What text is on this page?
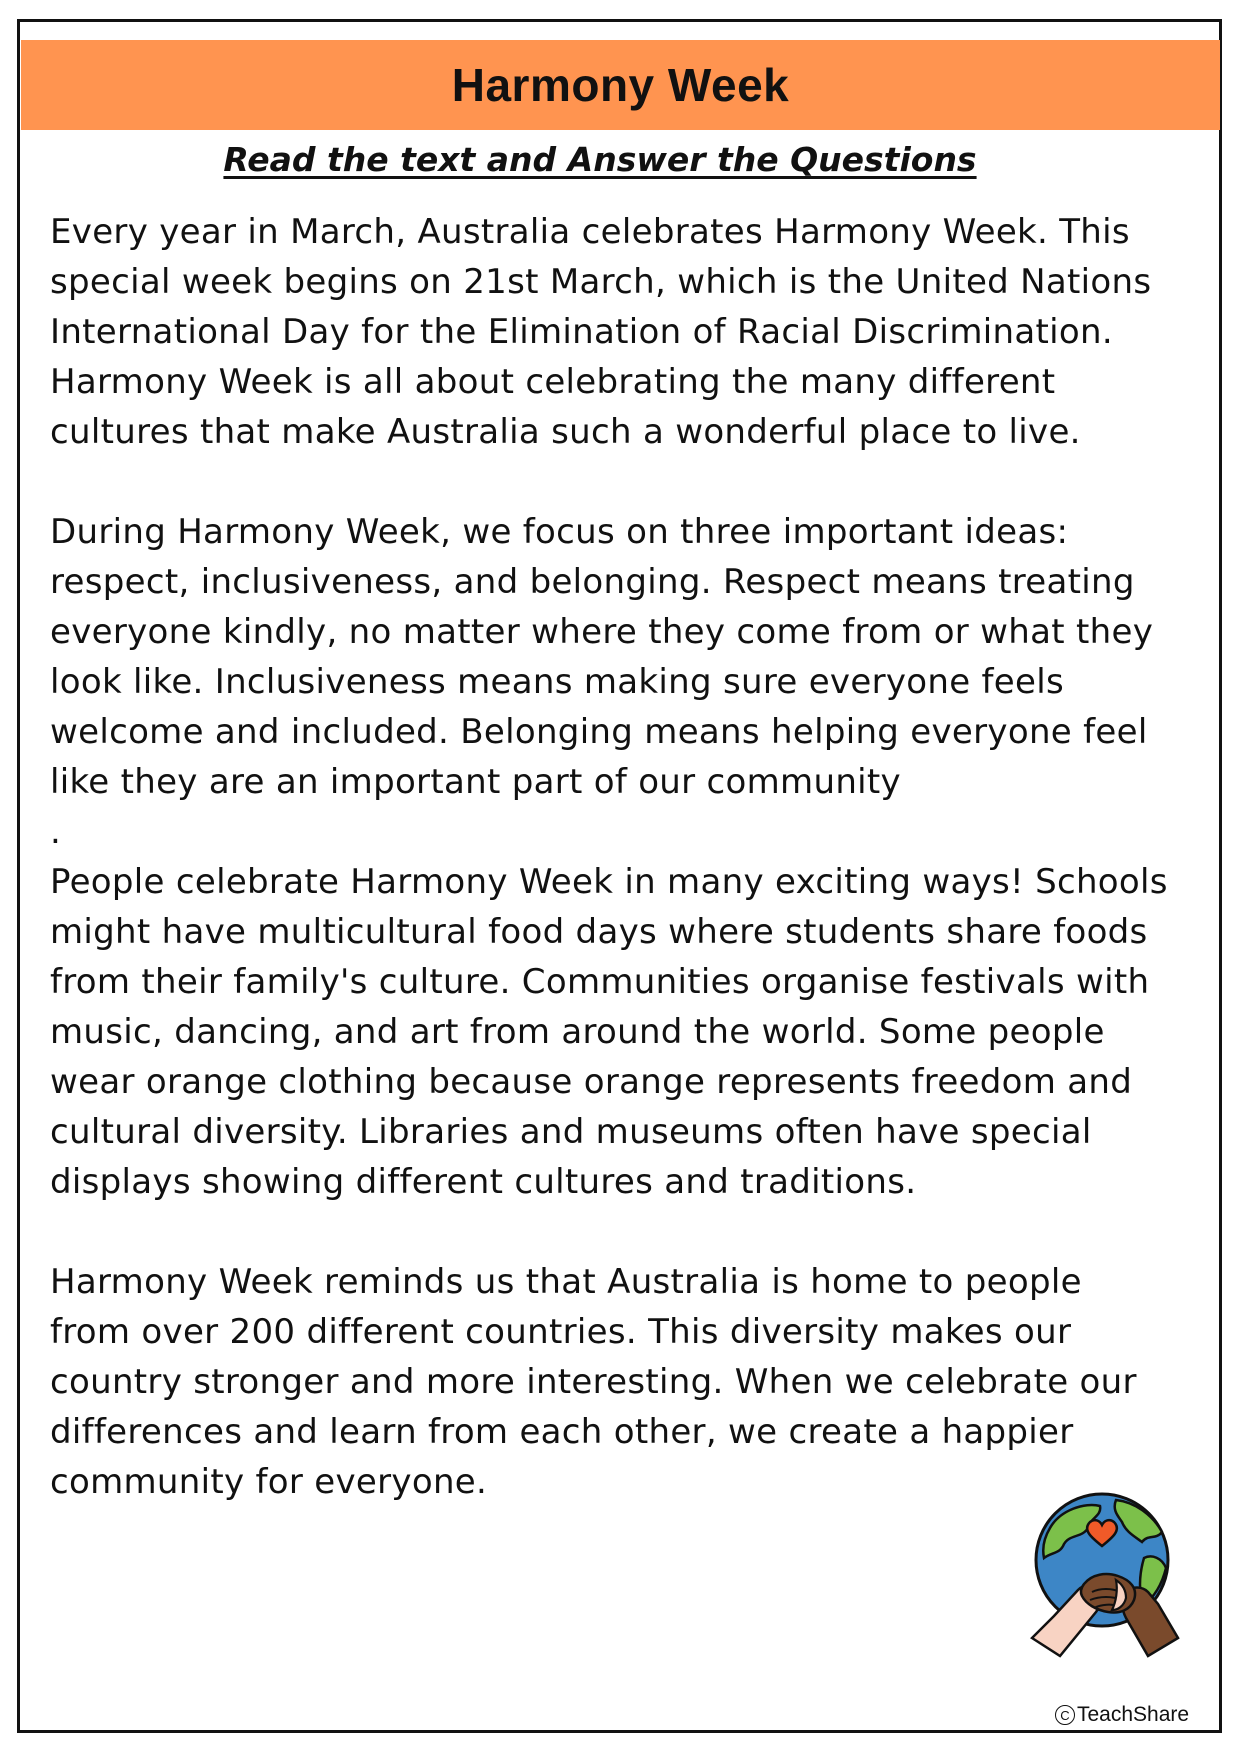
Harmony Week
Read the text and Answer the Questions

Every year in March, Australia celebrates Harmony Week. This
special week begins on 21st March, which is the United Nations
International Day for the Elimination of Racial Discrimination.
Harmony Week is all about celebrating the many different
cultures that make Australia such a wonderful place to live.

During Harmony Week, we focus on three important ideas:
respect, inclusiveness, and belonging. Respect means treating
everyone kindly, no matter where they come from or what they
look like. Inclusiveness means making sure everyone feels
welcome and included. Belonging means helping everyone feel
like they are an important part of our community
.

People celebrate Harmony Week in many exciting ways! Schools
might have multicultural food days where students share foods
from their family's culture. Communities organise festivals with
music, dancing, and art from around the world. Some people
wear orange clothing because orange represents freedom and
cultural diversity. Libraries and museums often have special
displays showing different cultures and traditions.

Harmony Week reminds us that Australia is home to people
from over 200 different countries. This diversity makes our
country stronger and more interesting. When we celebrate our
differences and learn from each other, we create a happier
community for everyone.

C TeachShare
